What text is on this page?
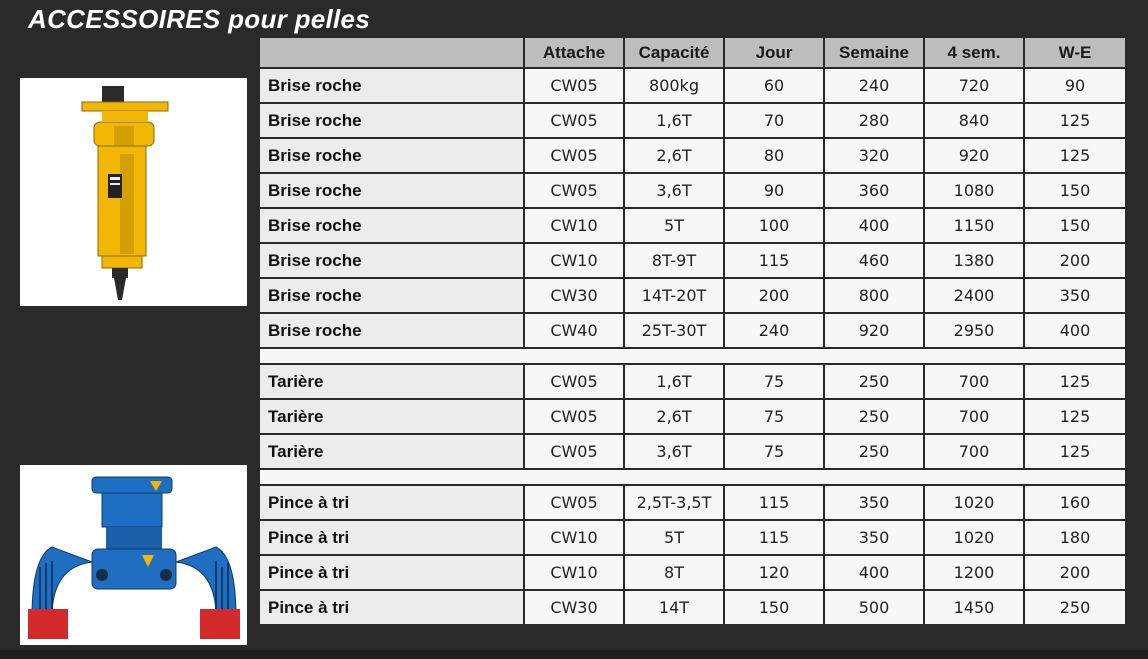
ACCESSOIRES pour pelles
	Attache	Capacité	Jour	Semaine	4 sem.	W-E
Brise roche	CW05	800kg	60	240	720	90
Brise roche	CW05	1,6T	70	280	840	125
Brise roche	CW05	2,6T	80	320	920	125
Brise roche	CW05	3,6T	90	360	1080	150
Brise roche	CW10	5T	100	400	1150	150
Brise roche	CW10	8T-9T	115	460	1380	200
Brise roche	CW30	14T-20T	200	800	2400	350
Brise roche	CW40	25T-30T	240	920	2950	400

Tarière	CW05	1,6T	75	250	700	125
Tarière	CW05	2,6T	75	250	700	125
Tarière	CW05	3,6T	75	250	700	125

Pince à tri	CW05	2,5T-3,5T	115	350	1020	160
Pince à tri	CW10	5T	115	350	1020	180
Pince à tri	CW10	8T	120	400	1200	200
Pince à tri	CW30	14T	150	500	1450	250
